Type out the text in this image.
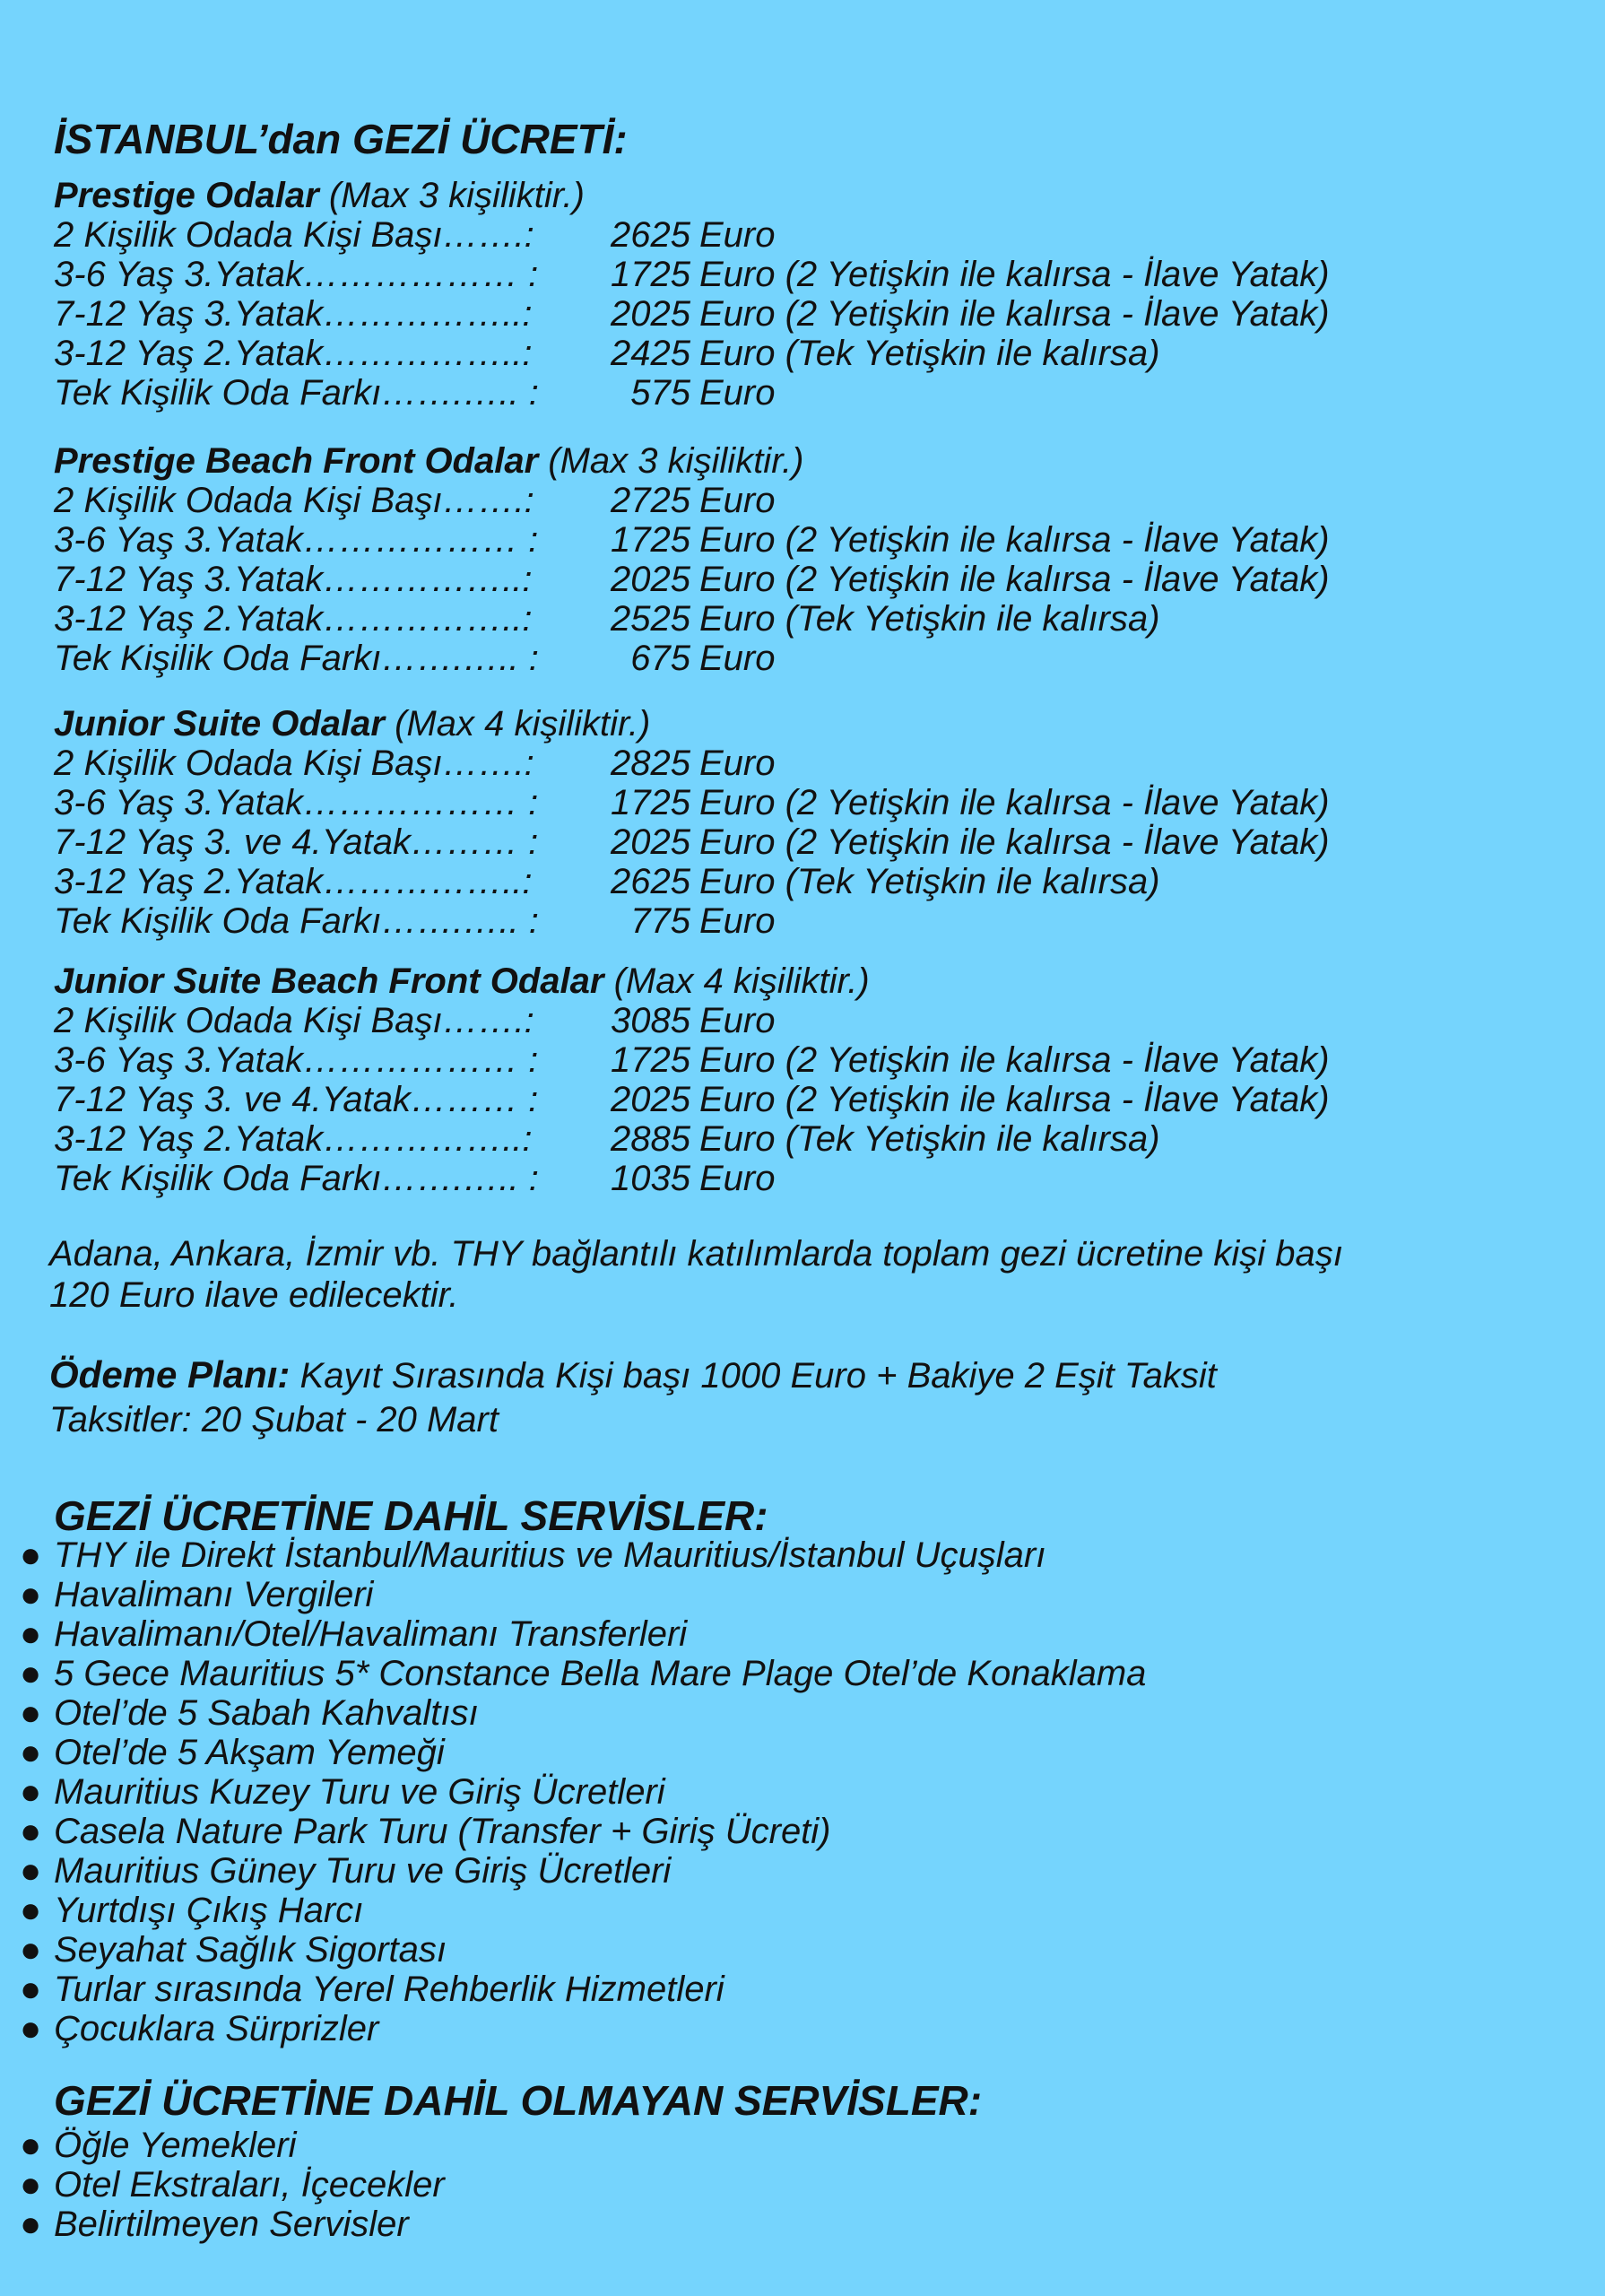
İSTANBUL’dan GEZİ ÜCRETİ:
Prestige Odalar (Max 3 kişiliktir.)
2 Kişilik Odada Kişi Başı…….: 2625 Euro
3-6 Yaş 3.Yatak……………… : 1725 Euro (2 Yetişkin ile kalırsa - İlave Yatak)
7-12 Yaş 3.Yatak……………..: 2025 Euro (2 Yetişkin ile kalırsa - İlave Yatak)
3-12 Yaş 2.Yatak……………..: 2425 Euro (Tek Yetişkin ile kalırsa)
Tek Kişilik Oda Farkı…….….. :	575 Euro
Prestige Beach Front Odalar (Max 3 kişiliktir.)
2 Kişilik Odada Kişi Başı…….: 2725 Euro
3-6 Yaş 3.Yatak……………… : 1725 Euro (2 Yetişkin ile kalırsa - İlave Yatak)
7-12 Yaş 3.Yatak……………..: 2025 Euro (2 Yetişkin ile kalırsa - İlave Yatak)
3-12 Yaş 2.Yatak……………..: 2525 Euro (Tek Yetişkin ile kalırsa)
Tek Kişilik Oda Farkı…….….. :	675 Euro
Junior Suite Odalar (Max 4 kişiliktir.)
2 Kişilik Odada Kişi Başı…….: 2825 Euro
3-6 Yaş 3.Yatak……………… : 1725 Euro (2 Yetişkin ile kalırsa - İlave Yatak)
7-12 Yaş 3. ve 4.Yatak……… : 2025 Euro (2 Yetişkin ile kalırsa - İlave Yatak)
3-12 Yaş 2.Yatak……………..: 2625 Euro (Tek Yetişkin ile kalırsa)
Tek Kişilik Oda Farkı…….….. :	775 Euro
Junior Suite Beach Front Odalar (Max 4 kişiliktir.)
2 Kişilik Odada Kişi Başı…….: 3085 Euro
3-6 Yaş 3.Yatak……………… : 1725 Euro (2 Yetişkin ile kalırsa - İlave Yatak)
7-12 Yaş 3. ve 4.Yatak……… : 2025 Euro (2 Yetişkin ile kalırsa - İlave Yatak)
3-12 Yaş 2.Yatak……………..: 2885 Euro (Tek Yetişkin ile kalırsa)
Tek Kişilik Oda Farkı…….….. : 1035 Euro
Adana, Ankara, İzmir vb. THY bağlantılı katılımlarda toplam gezi ücretine kişi başı
120 Euro ilave edilecektir.
Ödeme Planı: Kayıt Sırasında Kişi başı 1000 Euro + Bakiye 2 Eşit Taksit
Taksitler: 20 Şubat - 20 Mart
GEZİ ÜCRETİNE DAHİL SERVİSLER:
● THY ile Direkt İstanbul/Mauritius ve Mauritius/İstanbul Uçuşları
● Havalimanı Vergileri
● Havalimanı/Otel/Havalimanı Transferleri
● 5 Gece Mauritius 5* Constance Bella Mare Plage Otel’de Konaklama
● Otel’de 5 Sabah Kahvaltısı
● Otel’de 5 Akşam Yemeği
● Mauritius Kuzey Turu ve Giriş Ücretleri
● Casela Nature Park Turu (Transfer + Giriş Ücreti)
● Mauritius Güney Turu ve Giriş Ücretleri
● Yurtdışı Çıkış Harcı
● Seyahat Sağlık Sigortası
● Turlar sırasında Yerel Rehberlik Hizmetleri
● Çocuklara Sürprizler
GEZİ ÜCRETİNE DAHİL OLMAYAN SERVİSLER:
● Öğle Yemekleri
● Otel Ekstraları, İçecekler
● Belirtilmeyen Servisler
